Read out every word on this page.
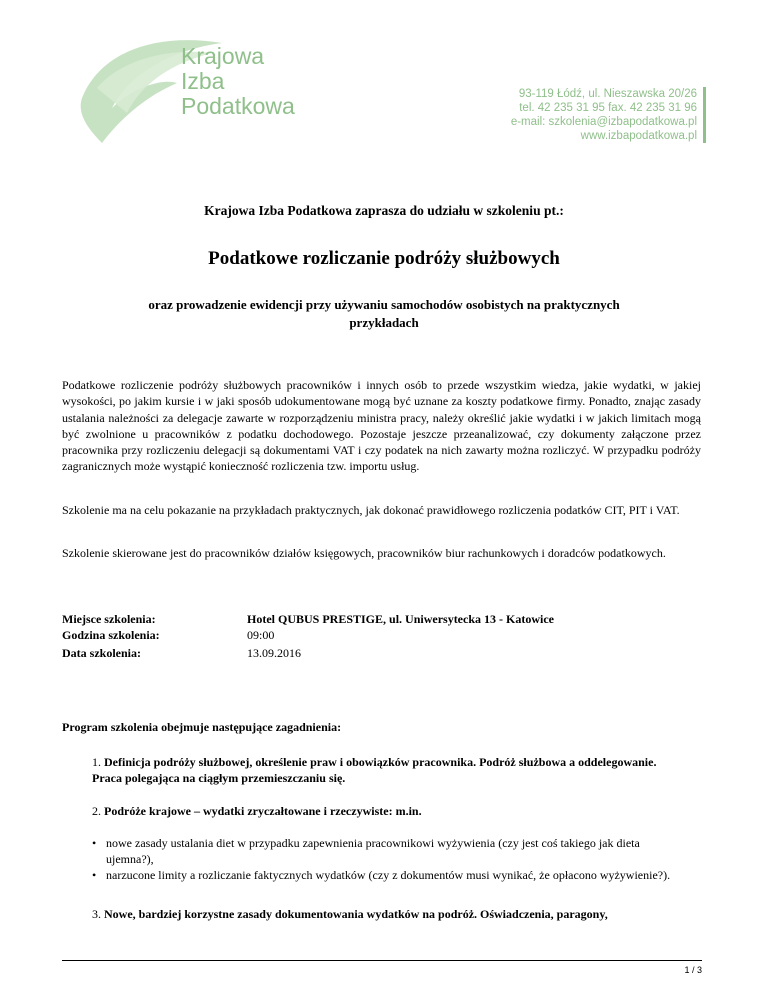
Krajowa
Izba
Podatkowa	93-119 Łódź, ul. Nieszawska 20/26
tel. 42 235 31 95 fax. 42 235 31 96
e-mail: szkolenia@izbapodatkowa.pl
www.izbapodatkowa.pl
Krajowa Izba Podatkowa zaprasza do udziału w szkoleniu pt.:
Podatkowe rozliczanie podróży służbowych
oraz prowadzenie ewidencji przy używaniu samochodów osobistych na praktycznych przykładach
Podatkowe rozliczenie podróży służbowych pracowników i innych osób to przede wszystkim wiedza, jakie wydatki, w jakiej wysokości, po jakim kursie i w jaki sposób udokumentowane mogą być uznane za koszty podatkowe firmy. Ponadto, znając zasady ustalania należności za delegacje zawarte w rozporządzeniu ministra pracy, należy określić jakie wydatki i w jakich limitach mogą być zwolnione u pracowników z podatku dochodowego. Pozostaje jeszcze przeanalizować, czy dokumenty załączone przez pracownika przy rozliczeniu delegacji są dokumentami VAT i czy podatek na nich zawarty można rozliczyć. W przypadku podróży zagranicznych może wystąpić konieczność rozliczenia tzw. importu usług.
Szkolenie ma na celu pokazanie na przykładach praktycznych, jak dokonać prawidłowego rozliczenia podatków CIT, PIT i VAT.
Szkolenie skierowane jest do pracowników działów księgowych, pracowników biur rachunkowych i doradców podatkowych.
Miejsce szkolenia:	Hotel QUBUS PRESTIGE, ul. Uniwersytecka 13 - Katowice
Godzina szkolenia:	09:00
Data szkolenia:	13.09.2016
Program szkolenia obejmuje następujące zagadnienia:
1. Definicja podróży służbowej, określenie praw i obowiązków pracownika. Podróż służbowa a oddelegowanie. Praca polegająca na ciągłym przemieszczaniu się.
2. Podróże krajowe – wydatki zryczałtowane i rzeczywiste: m.in.
• nowe zasady ustalania diet w przypadku zapewnienia pracownikowi wyżywienia (czy jest coś takiego jak dieta ujemna?),
• narzucone limity a rozliczanie faktycznych wydatków (czy z dokumentów musi wynikać, że opłacono wyżywienie?).
3. Nowe, bardziej korzystne zasady dokumentowania wydatków na podróż. Oświadczenia, paragony,
1 / 3
